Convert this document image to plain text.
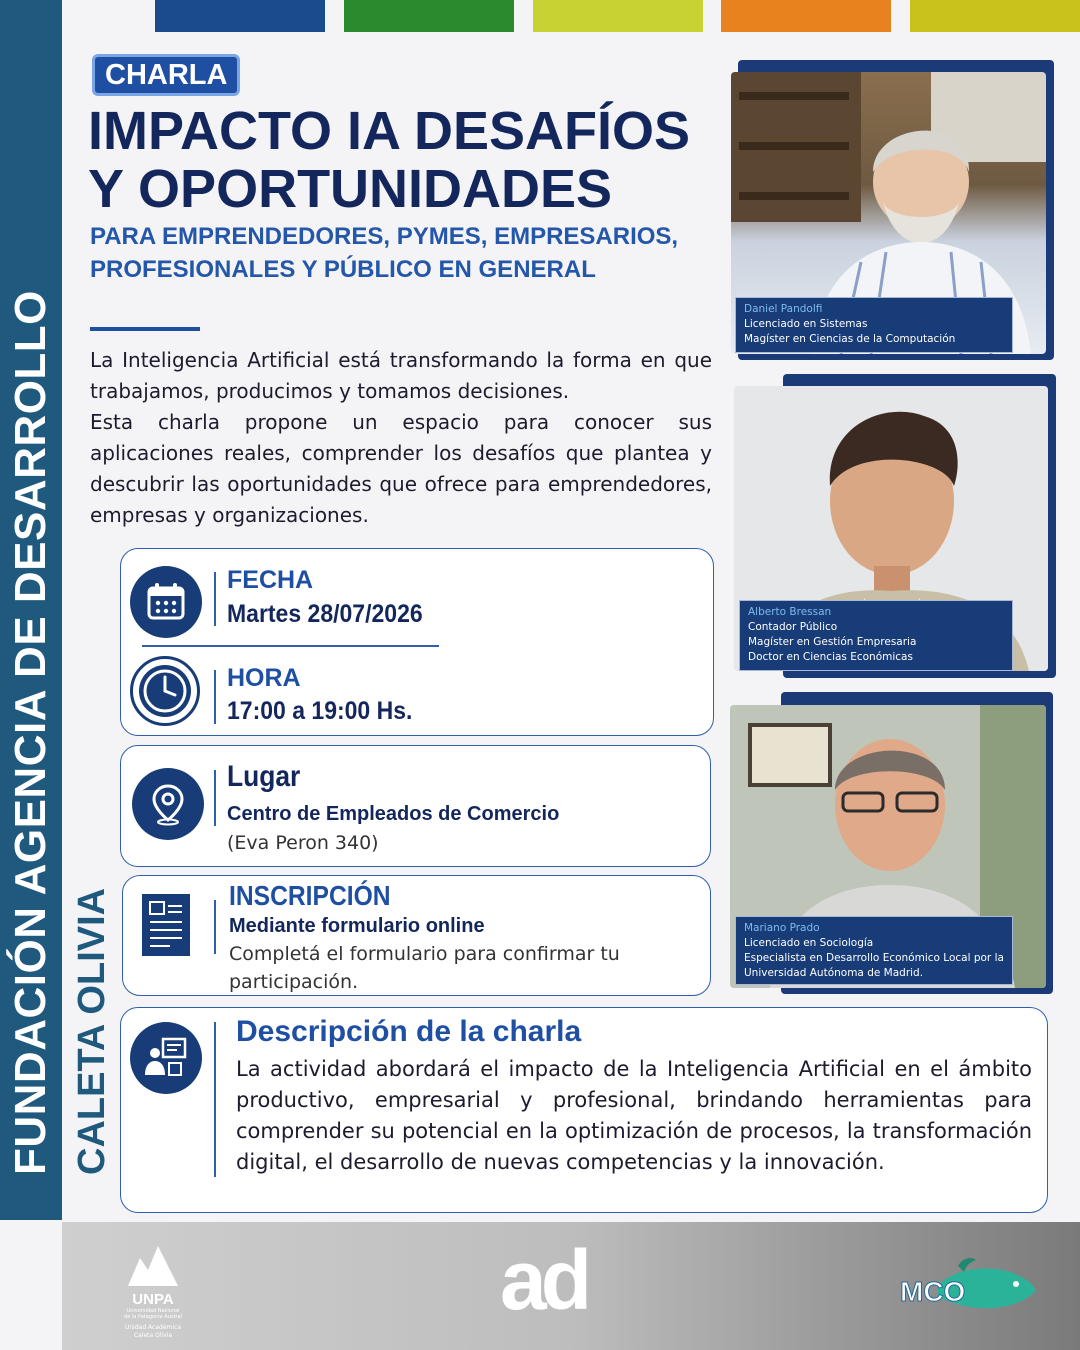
FUNDACIÓN AGENCIA DE DESARROLLO CALETA OLIVIA
CHARLA
IMPACTO IA DESAFÍOS Y OPORTUNIDADES
PARA EMPRENDEDORES, PYMES, EMPRESARIOS, PROFESIONALES Y PÚBLICO EN GENERAL
La Inteligencia Artificial está transformando la forma en que trabajamos, producimos y tomamos decisiones.
Esta charla propone un espacio para conocer sus aplicaciones reales, comprender los desafíos que plantea y descubrir las oportunidades que ofrece para emprendedores, empresas y organizaciones.
FECHA
Martes 28/07/2026
HORA
17:00 a 19:00 Hs.
Lugar
Centro de Empleados de Comercio
(Eva Peron 340)
INSCRIPCIÓN
Mediante formulario online
Completá el formulario para confirmar tu participación.
Descripción de la charla
La actividad abordará el impacto de la Inteligencia Artificial en el ámbito productivo, empresarial y profesional, brindando herramientas para comprender su potencial en la optimización de procesos, la transformación digital, el desarrollo de nuevas competencias y la innovación.
Daniel Pandolfi
Licenciado en Sistemas
Magíster en Ciencias de la Computación
Alberto Bressan
Contador Público
Magíster en Gestión Empresaria
Doctor en Ciencias Económicas
Mariano Prado
Licenciado en Sociología
Especialista en Desarrollo Económico Local por la
Universidad Autónoma de Madrid.
UNPA
Universidad Nacional
de la Patagonia Austral
Unidad Académica
Caleta Olivia
ad	MCO
